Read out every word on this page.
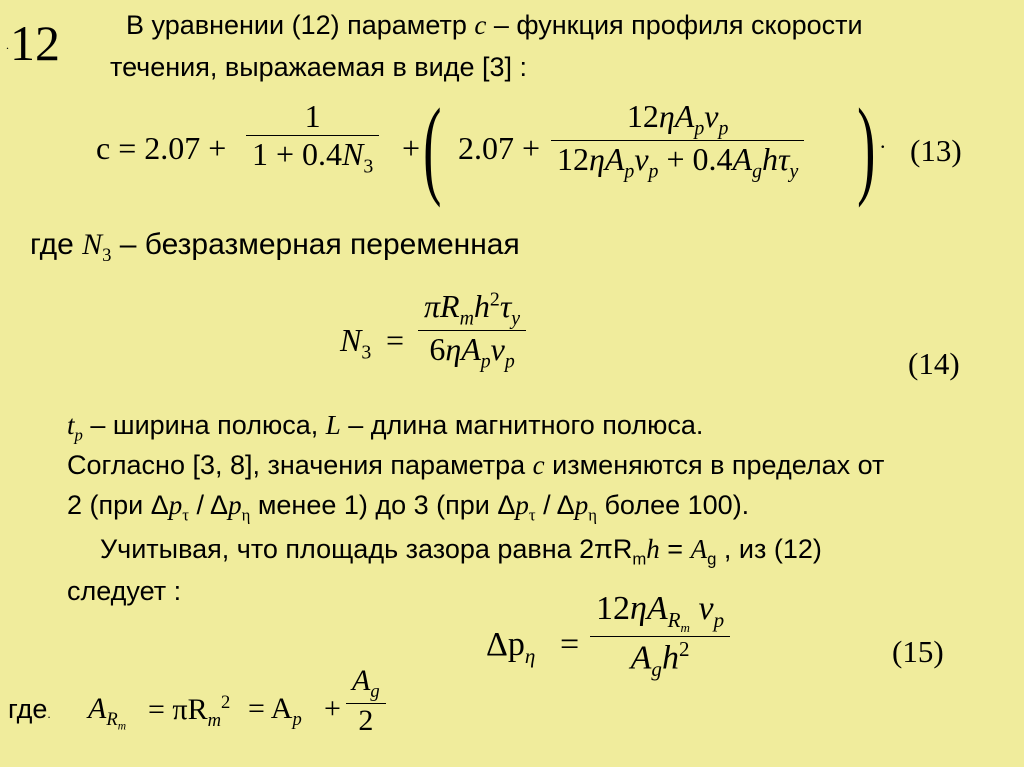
. 12 В уравнении (12) параметр с – функция профиля скорости
течения, выражаемая в виде [3] :
$c = 2.07 + \frac{1}{1 + 0.4N_3}$ + ( 2.07 +
$12\eta A_pv_p$
$12\eta A_pv_p + 0.4A_gh\tau_y$ ) . (13)
где $N_3$ – безразмерная переменная
$N_3$ =
$\pi R_mh^2\tau_y$
$6\eta A_pv_p$	(14)
$t_p$ – ширина полюса, L – длина магнитного полюса.
Согласно [3, 8], значения параметра с изменяются в пределах от
2 (при $\Delta p_\tau / \Delta p_\eta$ менее 1) до 3 (при $\Delta p_\tau / \Delta p_\eta$ более 100).
Учитывая, что площадь зазора равна $2\pi R_mh = A_g$ , из (12)
следует :
$\Delta p_\eta$ =
$12\eta A_{R_m}$ $v_p$
$A_gh^2$	(15)
где. $A_{R_m}$
= $\pi R_m^2 = A_p + \frac{A_g}{2}$
